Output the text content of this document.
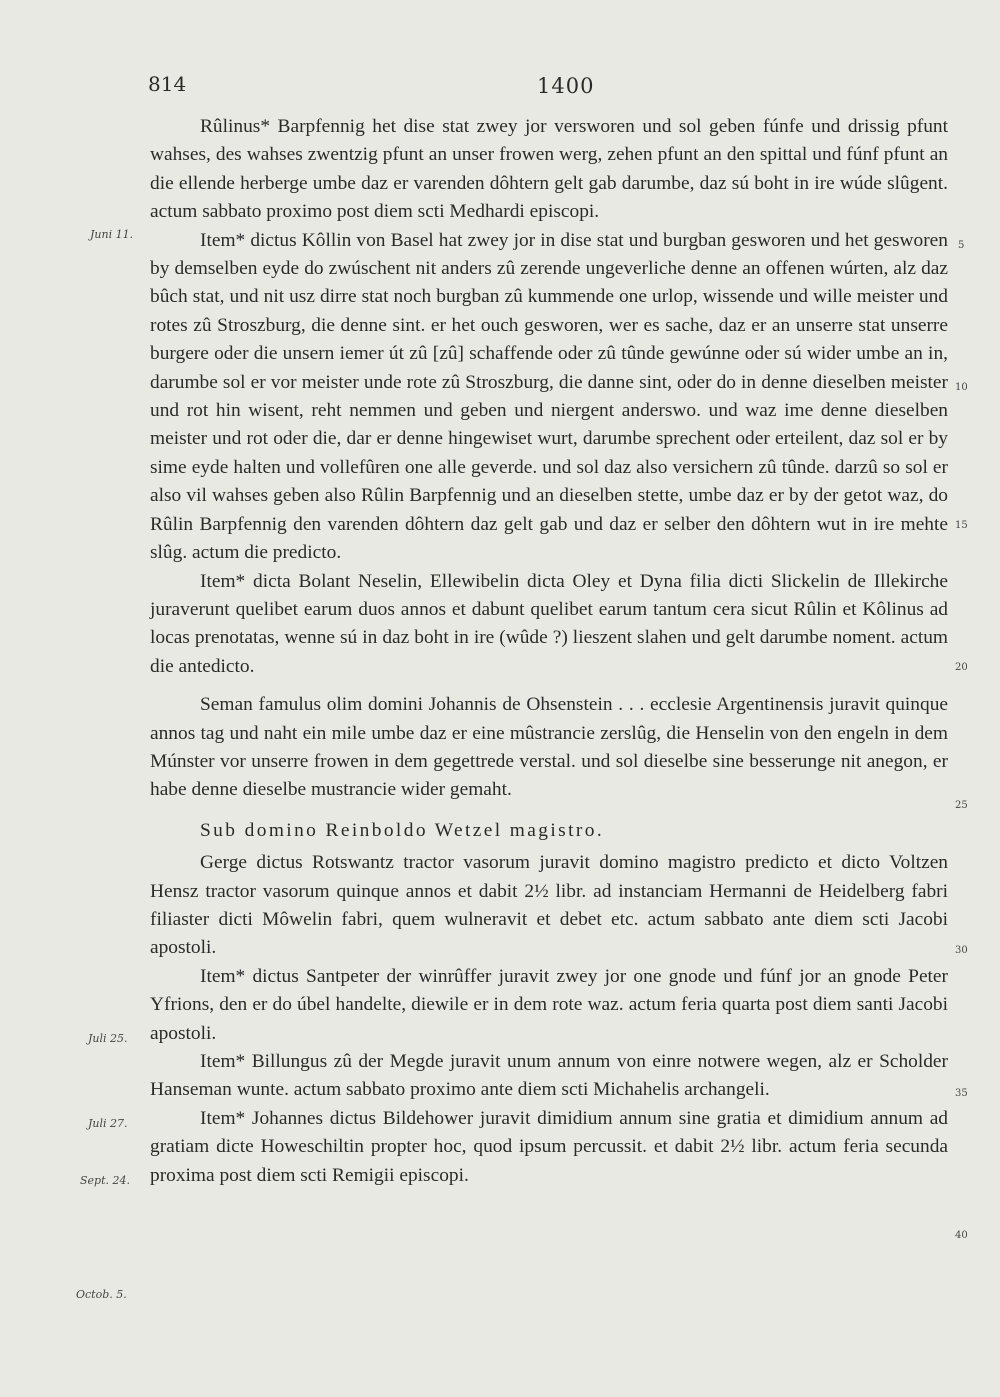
814	1400

Rûlinus* Barpfennig het dise stat zwey jor versworen und sol geben fúnfe und drissig pfunt wahses, des wahses zwentzig pfunt an unser frowen werg, zehen pfunt an den spittal und fúnf pfunt an die ellende herberge umbe daz er varenden dôhtern gelt gab darumbe, daz sú boht in ire wúde slûgent. actum sabbato proximo post diem scti Medhardi episcopi.

Item* dictus Kôllin von Basel hat zwey jor in dise stat und burgban gesworen und het gesworen by demselben eyde do zwúschent nit anders zû zerende ungeverliche denne an offenen wúrten, alz daz bûch stat, und nit usz dirre stat noch burgban zû kummende one urlop, wissende und wille meister und rotes zû Stroszburg, die denne sint. er het ouch gesworen, wer es sache, daz er an unserre stat unserre burgere oder die unsern iemer út zû [zû] schaffende oder zû tûnde gewúnne oder sú wider umbe an in, darumbe sol er vor meister unde rote zû Stroszburg, die danne sint, oder do in denne dieselben meister und rot hin wisent, reht nemmen und geben und niergent anderswo. und waz ime denne dieselben meister und rot oder die, dar er denne hingewiset wurt, darumbe sprechent oder erteilent, daz sol er by sime eyde halten und vollefûren one alle geverde. und sol daz also versichern zû tûnde. darzû so sol er also vil wahses geben also Rûlin Barpfennig und an dieselben stette, umbe daz er by der getot waz, do Rûlin Barpfennig den varenden dôhtern daz gelt gab und daz er selber den dôhtern wut in ire mehte slûg. actum die predicto.

Item* dicta Bolant Neselin, Ellewibelin dicta Oley et Dyna filia dicti Slickelin de Illekirche juraverunt quelibet earum duos annos et dabunt quelibet earum tantum cera sicut Rûlin et Kôlinus ad locas prenotatas, wenne sú in daz boht in ire (wûde ?) lieszent slahen und gelt darumbe noment. actum die antedicto.

Seman famulus olim domini Johannis de Ohsenstein . . . ecclesie Argentinensis juravit quinque annos tag und naht ein mile umbe daz er eine mûstrancie zerslûg, die Henselin von den engeln in dem Múnster vor unserre frowen in dem gegettrede verstal. und sol dieselbe sine besserunge nit anegon, er habe denne dieselbe mustrancie wider gemaht.

Sub domino Reinboldo Wetzel magistro.

Gerge dictus Rotswantz tractor vasorum juravit domino magistro predicto et dicto Voltzen Hensz tractor vasorum quinque annos et dabit 2½ libr. ad instanciam Hermanni de Heidelberg fabri filiaster dicti Môwelin fabri, quem wulneravit et debet etc. actum sabbato ante diem scti Jacobi apostoli.

Item* dictus Santpeter der winrûffer juravit zwey jor one gnode und fúnf jor an gnode Peter Yfrions, den er do úbel handelte, diewile er in dem rote waz. actum feria quarta post diem santi Jacobi apostoli.

Item* Billungus zû der Megde juravit unum annum von einre notwere wegen, alz er Scholder Hanseman wunte. actum sabbato proximo ante diem scti Michahelis archangeli.

Item* Johannes dictus Bildehower juravit dimidium annum sine gratia et dimidium annum ad gratiam dicte Howeschiltin propter hoc, quod ipsum percussit. et dabit 2½ libr. actum feria secunda proxima post diem scti Remigii episcopi.

Juni 11.
Juli 25.
Juli 27.
Sept. 24.
Octob. 5.
5
10
15
20
25
30
35
40
